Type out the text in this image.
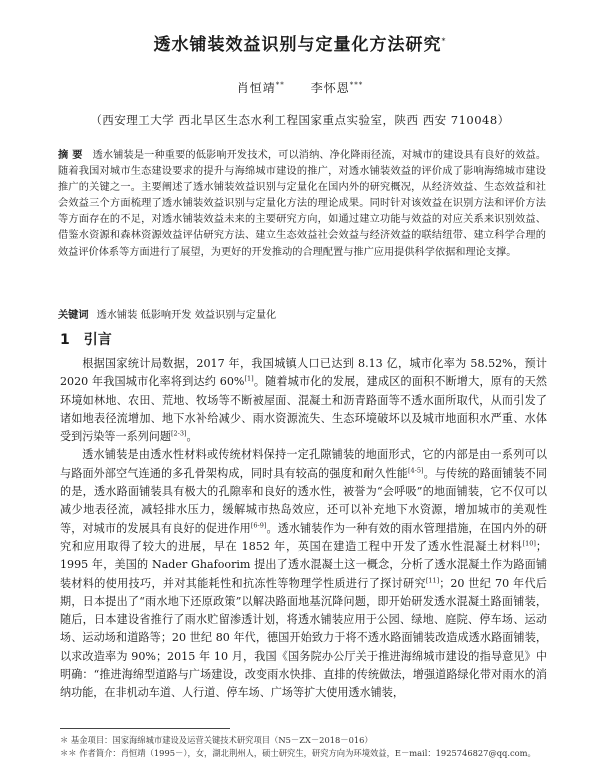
透水铺装效益识别与定量化方法研究*
肖恒靖** 李怀恩***
（西安理工大学 西北旱区生态水利工程国家重点实验室，陕西 西安 710048）
摘要 透水铺装是一种重要的低影响开发技术，可以消纳、净化降雨径流，对城市的建设具有良好的效益。随着我国对城市生态建设要求的提升与海绵城市建设的推广，对透水铺装效益的评价成了影响海绵城市建设推广的关键之一。主要阐述了透水铺装效益识别与定量化在国内外的研究概况，从经济效益、生态效益和社会效益三个方面梳理了透水铺装效益识别与定量化方法的理论成果。同时针对该效益在识别方法和评价方法等方面存在的不足，对透水铺装效益未来的主要研究方向，如通过建立功能与效益的对应关系来识别效益、借鉴水资源和森林资源效益评估研究方法、建立生态效益社会效益与经济效益的联结纽带、建立科学合理的效益评价体系等方面进行了展望，为更好的开发推动的合理配置与推广应用提供科学依据和理论支撑。
关键词 透水铺装 低影响开发 效益识别与定量化
1 引言

根据国家统计局数据，2017 年，我国城镇人口已达到 8.13 亿，城市化率为 58.52%，预计 2020 年我国城市化率将到达约 60%[1]。随着城市化的发展，建成区的面积不断增大，原有的天然环境如林地、农田、荒地、牧场等不断被屋面、混凝土和沥青路面等不透水面所取代，从而引发了诸如地表径流增加、地下水补给减少、雨水资源流失、生态环境破坏以及城市地面积水严重、水体受到污染等一系列问题[2-3]。

透水铺装是由透水性材料或传统材料保持一定孔隙铺装的地面形式，它的内部是由一系列可以与路面外部空气连通的多孔骨架构成，同时具有较高的强度和耐久性能[4-5]。与传统的路面铺装不同的是，透水路面铺装具有极大的孔隙率和良好的透水性，被誉为“会呼吸”的地面铺装，它不仅可以减少地表径流，减轻排水压力，缓解城市热岛效应，还可以补充地下水资源，增加城市的美观性等，对城市的发展具有良好的促进作用[6-9]。透水铺装作为一种有效的雨水管理措施，在国内外的研究和应用取得了较大的进展，早在 1852 年，英国在建造工程中开发了透水性混凝土材料[10]；1995 年，美国的 Nader Ghafoorim 提出了透水混凝土这一概念，分析了透水混凝土作为路面铺装材料的使用技巧，并对其能耗性和抗冻性等物理学性质进行了探讨研究[11]；20 世纪 70 年代后期，日本提出了“雨水地下还原政策”以解决路面地基沉降问题，即开始研发透水混凝土路面铺装，随后，日本建设省推行了雨水贮留渗透计划，将透水铺装应用于公园、绿地、庭院、停车场、运动场、运动场和道路等；20 世纪 80 年代，德国开始致力于将不透水路面铺装改造成透水路面铺装，以求改造率为 90%；2015 年 10 月，我国《国务院办公厅关于推进海绵城市建设的指导意见》中明确：“推进海绵型道路与广场建设，改变雨水快排、直排的传统做法，增强道路绿化带对雨水的消纳功能，在非机动车道、人行道、停车场、广场等扩大使用透水铺装，

＊ 基金项目：国家海绵城市建设及运营关键技术研究项目（N5－ZX－2018－016）
＊＊ 作者简介：肖恒靖（1995－），女，湖北荆州人，硕士研究生，研究方向为环境效益，E－mail：1925746827@qq.com。
